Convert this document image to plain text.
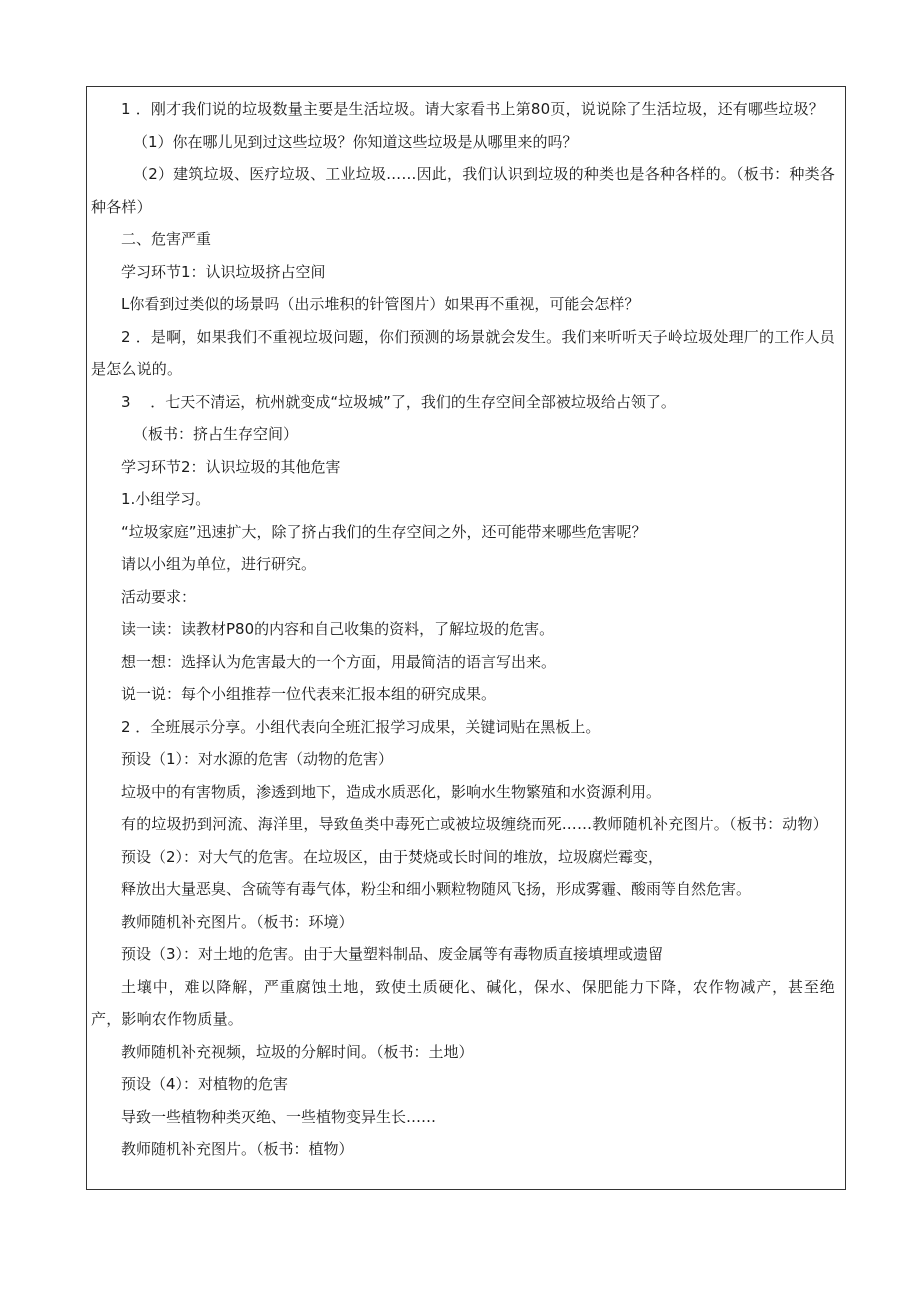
1 ．刚才我们说的垃圾数量主要是生活垃圾。请大家看书上第80页，说说除了生活垃圾，还有哪些垃圾？

（1）你在哪儿见到过这些垃圾？你知道这些垃圾是从哪里来的吗？

（2）建筑垃圾、医疗垃圾、工业垃圾……因此，我们认识到垃圾的种类也是各种各样的。（板书：种类各种各样）

二、危害严重

学习环节1：认识垃圾挤占空间

L你看到过类似的场景吗（出示堆积的针管图片）如果再不重视，可能会怎样？

2 ．是啊，如果我们不重视垃圾问题，你们预测的场景就会发生。我们来听听天子岭垃圾处理厂的工作人员是怎么说的。

3 　．七天不清运，杭州就变成“垃圾城”了，我们的生存空间全部被垃圾给占领了。

（板书：挤占生存空间）

学习环节2：认识垃圾的其他危害

1.小组学习。

“垃圾家庭”迅速扩大，除了挤占我们的生存空间之外，还可能带来哪些危害呢？

请以小组为单位，进行研究。

活动要求：

读一读：读教材P80的内容和自己收集的资料，了解垃圾的危害。

想一想：选择认为危害最大的一个方面，用最简洁的语言写出来。

说一说：每个小组推荐一位代表来汇报本组的研究成果。

2 ．全班展示分享。小组代表向全班汇报学习成果，关键词贴在黑板上。

预设（1）：对水源的危害（动物的危害）

垃圾中的有害物质，渗透到地下，造成水质恶化，影响水生物繁殖和水资源利用。

有的垃圾扔到河流、海洋里，导致鱼类中毒死亡或被垃圾缠绕而死……教师随机补充图片。（板书：动物）

预设（2）：对大气的危害。在垃圾区，由于焚烧或长时间的堆放，垃圾腐烂霉变，

释放出大量恶臭、含硫等有毒气体，粉尘和细小颗粒物随风飞扬，形成雾霾、酸雨等自然危害。

教师随机补充图片。（板书：环境）

预设（3）：对土地的危害。由于大量塑料制品、废金属等有毒物质直接填埋或遗留

土壤中，难以降解，严重腐蚀土地，致使土质硬化、碱化，保水、保肥能力下降，农作物减产，甚至绝产，影响农作物质量。

教师随机补充视频，垃圾的分解时间。（板书：土地）

预设（4）：对植物的危害

导致一些植物种类灭绝、一些植物变异生长……

教师随机补充图片。（板书：植物）
